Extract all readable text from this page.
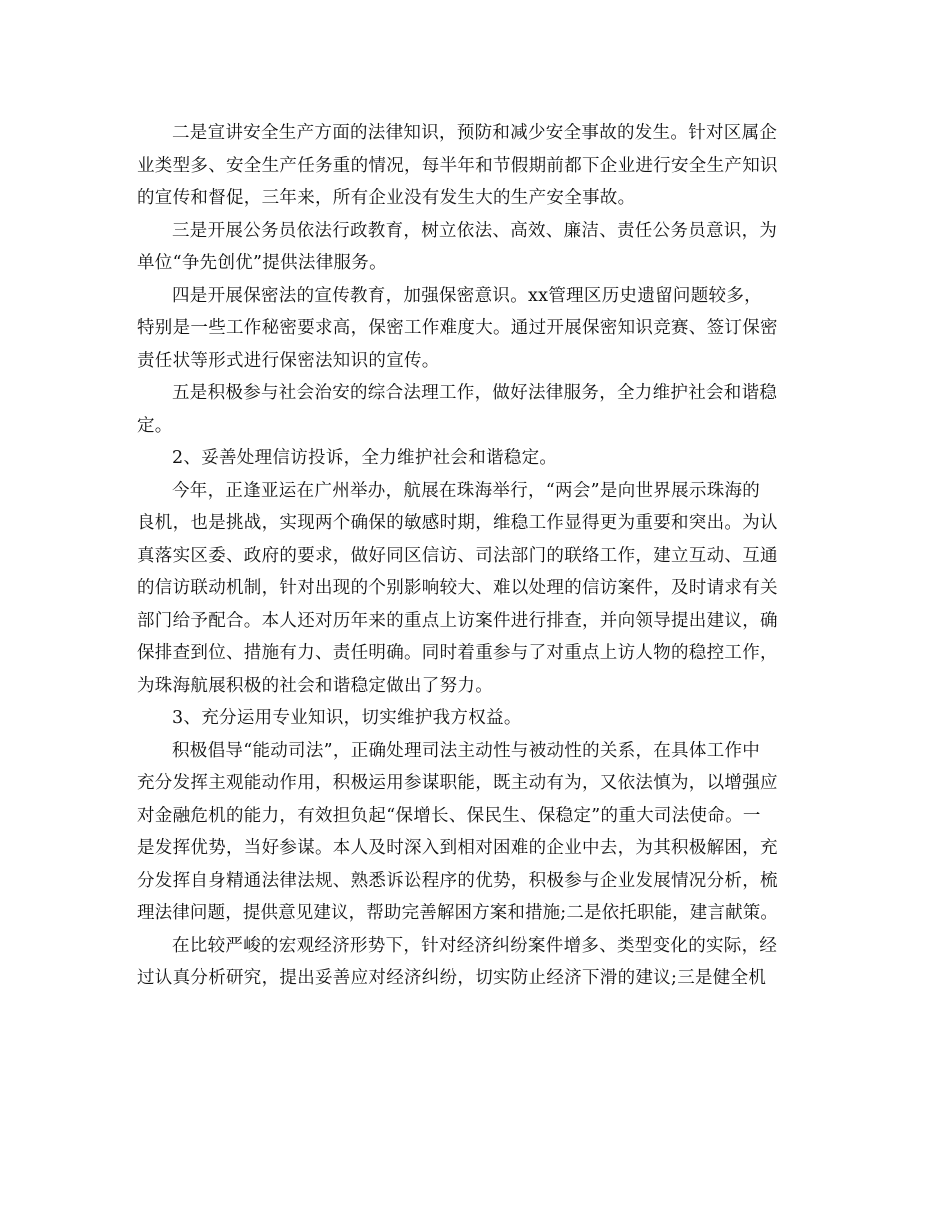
二是宣讲安全生产方面的法律知识，预防和减少安全事故的发生。针对区属企
业类型多、安全生产任务重的情况，每半年和节假期前都下企业进行安全生产知识
的宣传和督促，三年来，所有企业没有发生大的生产安全事故。

三是开展公务员依法行政教育，树立依法、高效、廉洁、责任公务员意识，为
单位“争先创优”提供法律服务。

四是开展保密法的宣传教育，加强保密意识。xx管理区历史遗留问题较多，
特别是一些工作秘密要求高，保密工作难度大。通过开展保密知识竞赛、签订保密
责任状等形式进行保密法知识的宣传。

五是积极参与社会治安的综合法理工作，做好法律服务，全力维护社会和谐稳
定。

2、妥善处理信访投诉，全力维护社会和谐稳定。

今年，正逢亚运在广州举办，航展在珠海举行，“两会”是向世界展示珠海的
良机，也是挑战，实现两个确保的敏感时期，维稳工作显得更为重要和突出。为认
真落实区委、政府的要求，做好同区信访、司法部门的联络工作，建立互动、互通
的信访联动机制，针对出现的个别影响较大、难以处理的信访案件，及时请求有关
部门给予配合。本人还对历年来的重点上访案件进行排查，并向领导提出建议，确
保排查到位、措施有力、责任明确。同时着重参与了对重点上访人物的稳控工作，
为珠海航展积极的社会和谐稳定做出了努力。

3、充分运用专业知识，切实维护我方权益。

积极倡导“能动司法”，正确处理司法主动性与被动性的关系，在具体工作中
充分发挥主观能动作用，积极运用参谋职能，既主动有为，又依法慎为，以增强应
对金融危机的能力，有效担负起“保增长、保民生、保稳定”的重大司法使命。一
是发挥优势，当好参谋。本人及时深入到相对困难的企业中去，为其积极解困，充
分发挥自身精通法律法规、熟悉诉讼程序的优势，积极参与企业发展情况分析，梳
理法律问题，提供意见建议，帮助完善解困方案和措施;二是依托职能，建言献策。

在比较严峻的宏观经济形势下，针对经济纠纷案件增多、类型变化的实际，经
过认真分析研究，提出妥善应对经济纠纷，切实防止经济下滑的建议;三是健全机
